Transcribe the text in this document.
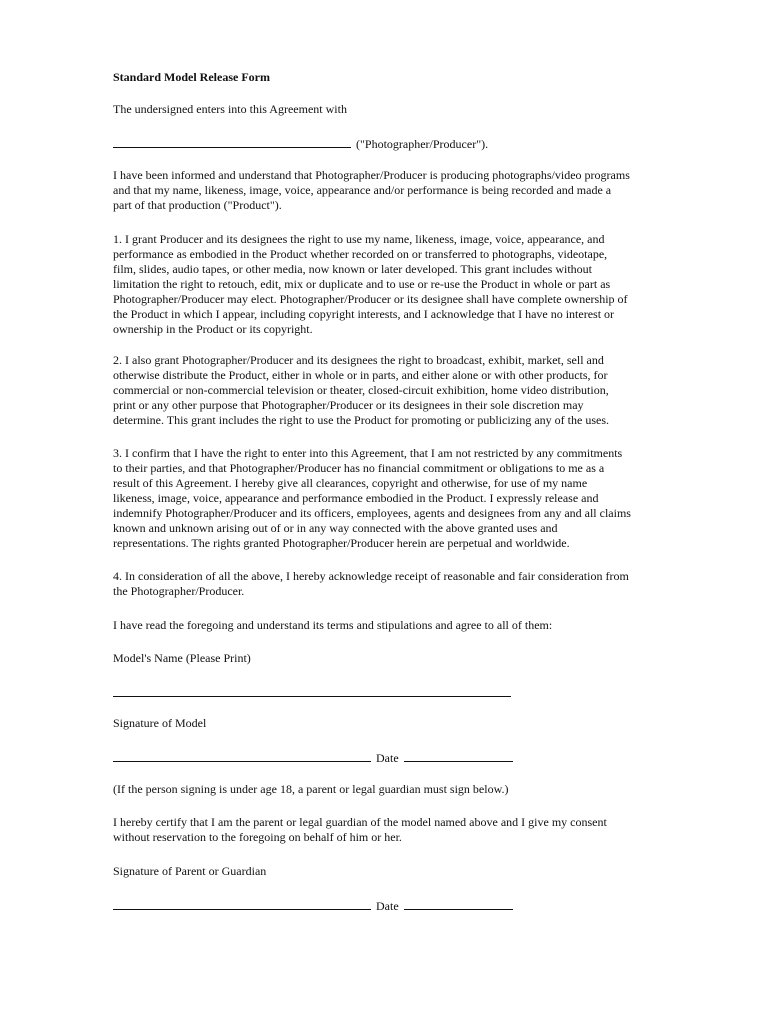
Standard Model Release Form

The undersigned enters into this Agreement with

("Photographer/Producer").

I have been informed and understand that Photographer/Producer is producing photographs/video programs
and that my name, likeness, image, voice, appearance and/or performance is being recorded and made a
part of that production ("Product").

1. I grant Producer and its designees the right to use my name, likeness, image, voice, appearance, and
performance as embodied in the Product whether recorded on or transferred to photographs, videotape,
film, slides, audio tapes, or other media, now known or later developed. This grant includes without
limitation the right to retouch, edit, mix or duplicate and to use or re-use the Product in whole or part as
Photographer/Producer may elect. Photographer/Producer or its designee shall have complete ownership of
the Product in which I appear, including copyright interests, and I acknowledge that I have no interest or
ownership in the Product or its copyright.

2. I also grant Photographer/Producer and its designees the right to broadcast, exhibit, market, sell and
otherwise distribute the Product, either in whole or in parts, and either alone or with other products, for
commercial or non-commercial television or theater, closed-circuit exhibition, home video distribution,
print or any other purpose that Photographer/Producer or its designees in their sole discretion may
determine. This grant includes the right to use the Product for promoting or publicizing any of the uses.

3. I confirm that I have the right to enter into this Agreement, that I am not restricted by any commitments
to their parties, and that Photographer/Producer has no financial commitment or obligations to me as a
result of this Agreement. I hereby give all clearances, copyright and otherwise, for use of my name
likeness, image, voice, appearance and performance embodied in the Product. I expressly release and
indemnify Photographer/Producer and its officers, employees, agents and designees from any and all claims
known and unknown arising out of or in any way connected with the above granted uses and
representations. The rights granted Photographer/Producer herein are perpetual and worldwide.

4. In consideration of all the above, I hereby acknowledge receipt of reasonable and fair consideration from
the Photographer/Producer.

I have read the foregoing and understand its terms and stipulations and agree to all of them:

Model's Name (Please Print)

Signature of Model

Date

(If the person signing is under age 18, a parent or legal guardian must sign below.)

I hereby certify that I am the parent or legal guardian of the model named above and I give my consent
without reservation to the foregoing on behalf of him or her.

Signature of Parent or Guardian

Date
